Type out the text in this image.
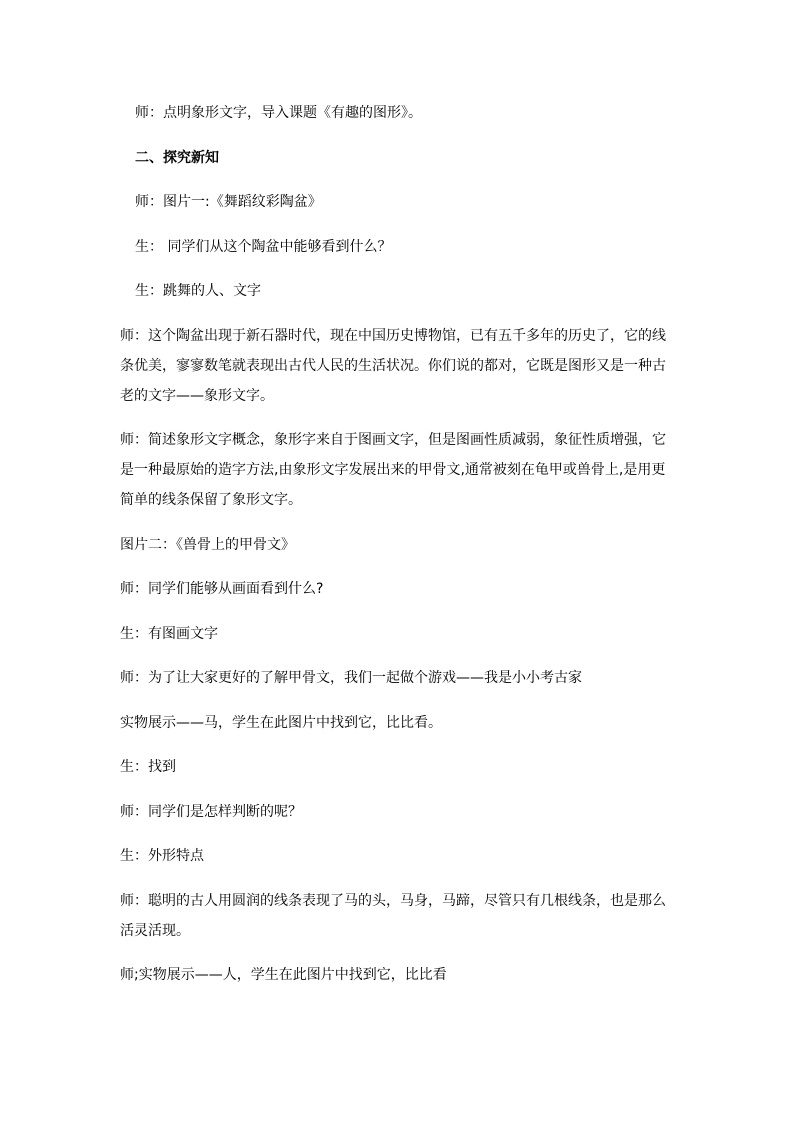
师：点明象形文字，导入课题《有趣的图形》。

二、探究新知

师：图片一:《舞蹈纹彩陶盆》

生： 同学们从这个陶盆中能够看到什么？

生：跳舞的人、文字

师：这个陶盆出现于新石器时代，现在中国历史博物馆，已有五千多年的历史了，它的线条优美，寥寥数笔就表现出古代人民的生活状况。你们说的都对，它既是图形又是一种古老的文字——象形文字。

师：简述象形文字概念，象形字来自于图画文字，但是图画性质减弱，象征性质增强，它是一种最原始的造字方法,由象形文字发展出来的甲骨文,通常被刻在龟甲或兽骨上,是用更简单的线条保留了象形文字。

图片二：《兽骨上的甲骨文》

师：同学们能够从画面看到什么?

生：有图画文字

师：为了让大家更好的了解甲骨文，我们一起做个游戏——我是小小考古家

实物展示——马，学生在此图片中找到它，比比看。

生：找到

师：同学们是怎样判断的呢？

生：外形特点

师：聪明的古人用圆润的线条表现了马的头，马身，马蹄，尽管只有几根线条，也是那么活灵活现。

师;实物展示——人，学生在此图片中找到它，比比看
